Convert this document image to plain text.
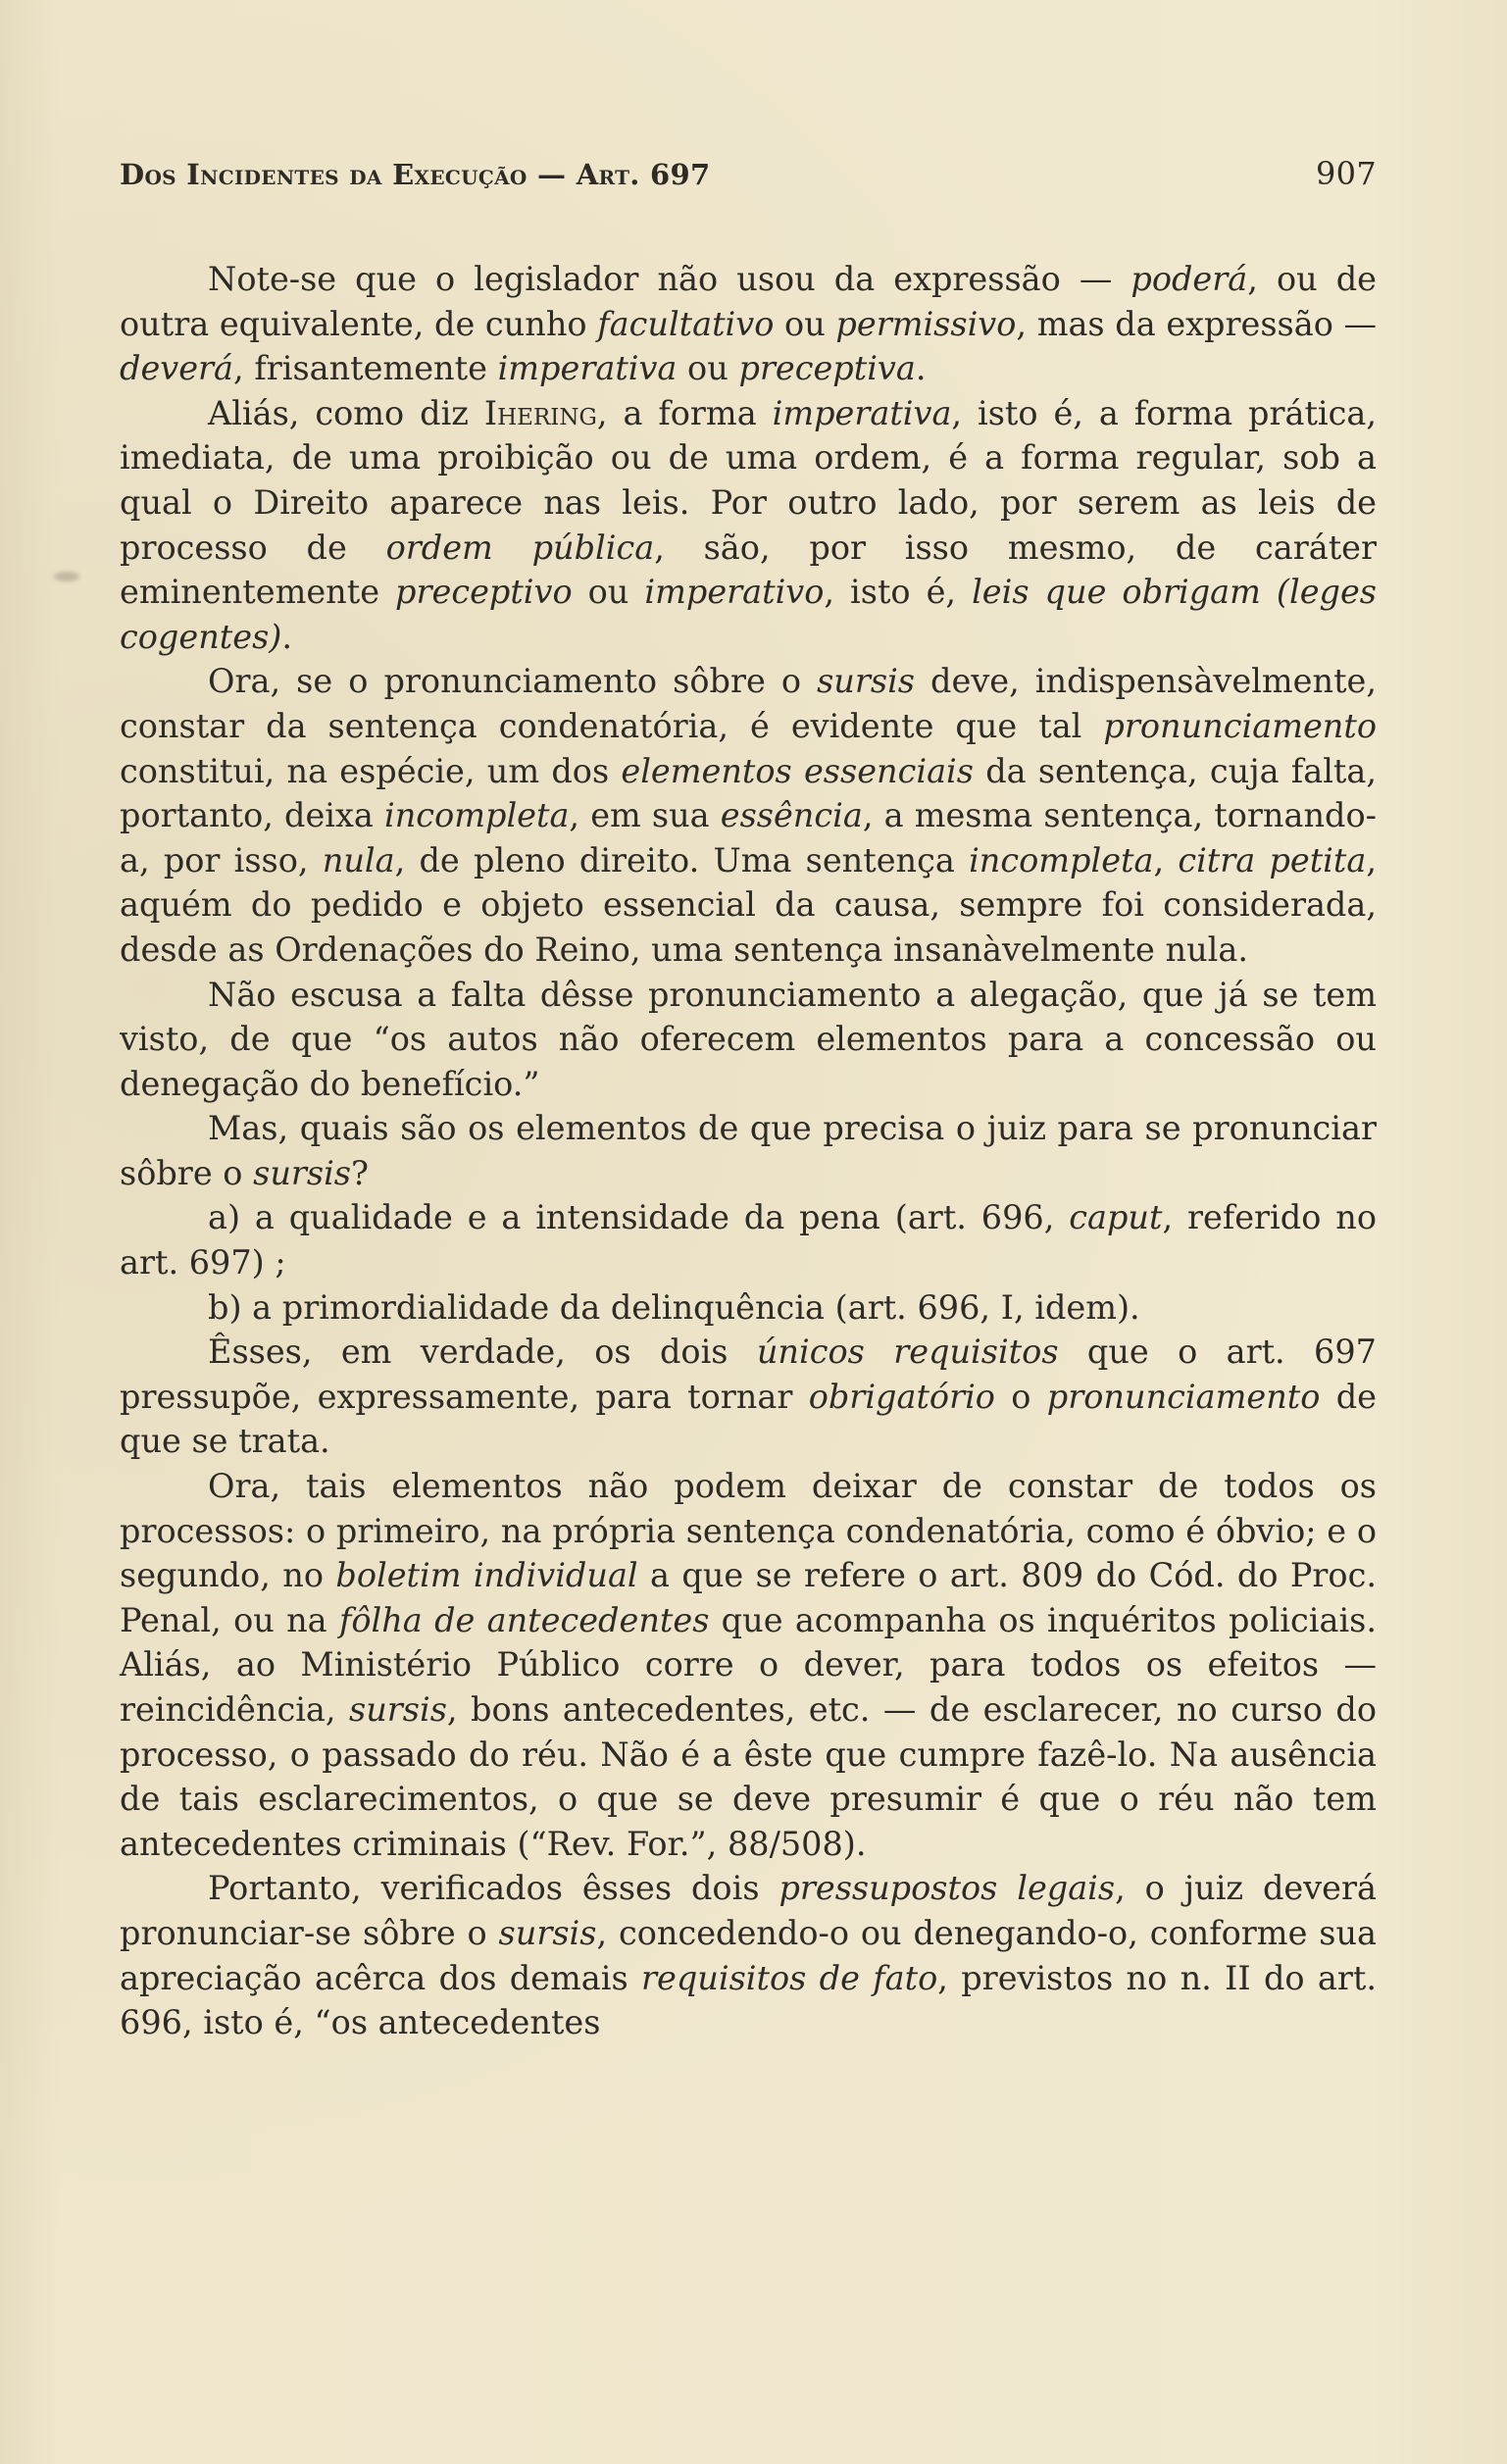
Dos Incidentes da Execução — Art. 697	907

Note-se que o legislador não usou da expressão — poderá, ou de outra equivalente, de cunho facultativo ou permissivo, mas da expressão — deverá, frisantemente imperativa ou preceptiva.

Aliás, como diz Ihering, a forma imperativa, isto é, a forma prática, imediata, de uma proibição ou de uma ordem, é a forma regular, sob a qual o Direito aparece nas leis. Por outro lado, por serem as leis de processo de ordem pública, são, por isso mesmo, de caráter eminentemente preceptivo ou imperativo, isto é, leis que obrigam (leges cogentes).

Ora, se o pronunciamento sôbre o sursis deve, indispensàvelmente, constar da sentença condenatória, é evidente que tal pronunciamento constitui, na espécie, um dos elementos essenciais da sentença, cuja falta, portanto, deixa incompleta, em sua essência, a mesma sentença, tornando-a, por isso, nula, de pleno direito. Uma sentença incompleta, citra petita, aquém do pedido e objeto essencial da causa, sempre foi considerada, desde as Ordenações do Reino, uma sentença insanàvelmente nula.

Não escusa a falta dêsse pronunciamento a alegação, que já se tem visto, de que “os autos não oferecem elementos para a concessão ou denegação do benefício.”

Mas, quais são os elementos de que precisa o juiz para se pronunciar sôbre o sursis?

a) a qualidade e a intensidade da pena (art. 696, caput, referido no art. 697) ;

b) a primordialidade da delinquência (art. 696, I, idem).

Êsses, em verdade, os dois únicos requisitos que o art. 697 pressupõe, expressamente, para tornar obrigatório o pronunciamento de que se trata.

Ora, tais elementos não podem deixar de constar de todos os processos: o primeiro, na própria sentença condenatória, como é óbvio; e o segundo, no boletim individual a que se refere o art. 809 do Cód. do Proc. Penal, ou na fôlha de antecedentes que acompanha os inquéritos policiais. Aliás, ao Ministério Público corre o dever, para todos os efeitos — reincidência, sursis, bons antecedentes, etc. — de esclarecer, no curso do processo, o passado do réu. Não é a êste que cumpre fazê-lo. Na ausência de tais esclarecimentos, o que se deve presumir é que o réu não tem antecedentes criminais (“Rev. For.”, 88/508).

Portanto, verificados êsses dois pressupostos legais, o juiz deverá pronunciar-se sôbre o sursis, concedendo-o ou denegando-o, conforme sua apreciação acêrca dos demais requisitos de fato, previstos no n. II do art. 696, isto é, “os antecedentes
